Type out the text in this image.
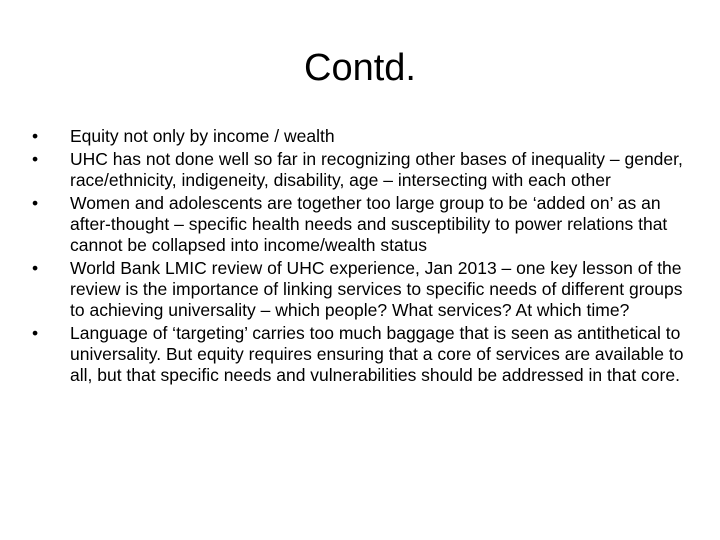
Contd.
•	Equity not only by income / wealth
•	UHC has not done well so far in recognizing other bases of inequality – gender, race/ethnicity, indigeneity, disability, age – intersecting with each other
•	Women and adolescents are together too large group to be ‘added on’ as an after-thought – specific health needs and susceptibility to power relations that cannot be collapsed into income/wealth status
•	World Bank LMIC review of UHC experience, Jan 2013 – one key lesson of the review is the importance of linking services to specific needs of different groups to achieving universality – which people? What services? At which time?
•	Language of ‘targeting’ carries too much baggage that is seen as antithetical to universality. But equity requires ensuring that a core of services are available to all, but that specific needs and vulnerabilities should be addressed in that core.
